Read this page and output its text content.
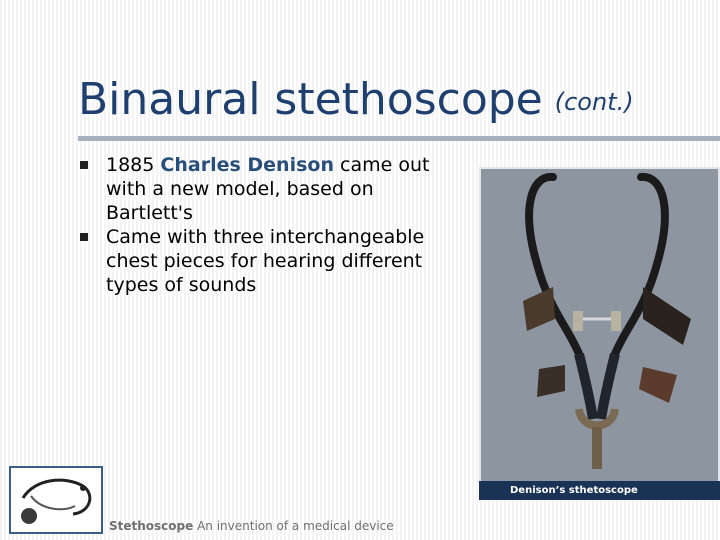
Binaural stethoscope (cont.)
1885 Charles Denison came out with a new model, based on Bartlett's
Came with three interchangeable chest pieces for hearing different types of sounds
Denison’s sthetoscope
Stethoscope An invention of a medical device
